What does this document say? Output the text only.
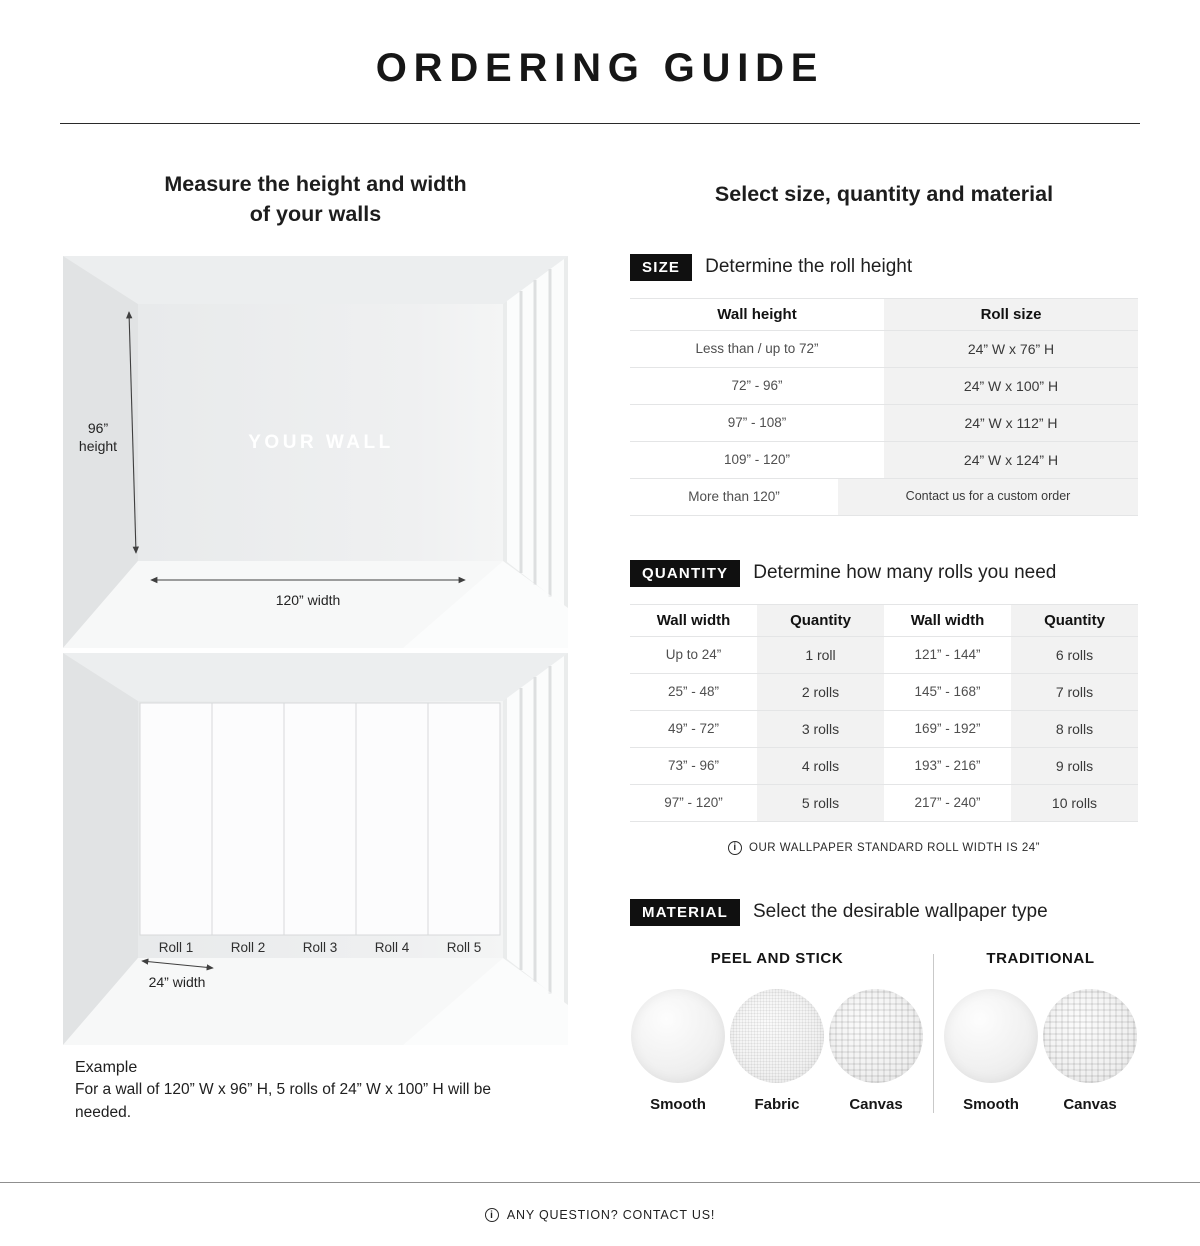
ORDERING GUIDE
Measure the height and width
of your walls
96”
height	YOUR WALL
120” width
Roll 1	Roll 2	Roll 3	Roll 4	Roll 5
24” width
Example
For a wall of 120” W x 96” H, 5 rolls of 24” W x 100” H will be needed.
Select size, quantity and material
SIZE	Determine the roll height
Wall height	Roll size
Less than / up to 72”	24” W x 76” H
72” - 96”	24” W x 100” H
97” - 108”	24” W x 112” H
109” - 120”	24” W x 124” H
More than 120”	Contact us for a custom order
QUANTITY	Determine how many rolls you need
Wall width	Quantity	Wall width	Quantity
Up to 24”	1 roll	121” - 144”	6 rolls
25” - 48”	2 rolls	145” - 168”	7 rolls
49” - 72”	3 rolls	169” - 192”	8 rolls
73” - 96”	4 rolls	193” - 216”	9 rolls
97” - 120”	5 rolls	217” - 240”	10 rolls
i	OUR WALLPAPER STANDARD ROLL WIDTH IS 24”
MATERIAL	Select the desirable wallpaper type
PEEL AND STICK
Smooth	Fabric	Canvas
TRADITIONAL
Smooth	Canvas
i	ANY QUESTION? CONTACT US!
